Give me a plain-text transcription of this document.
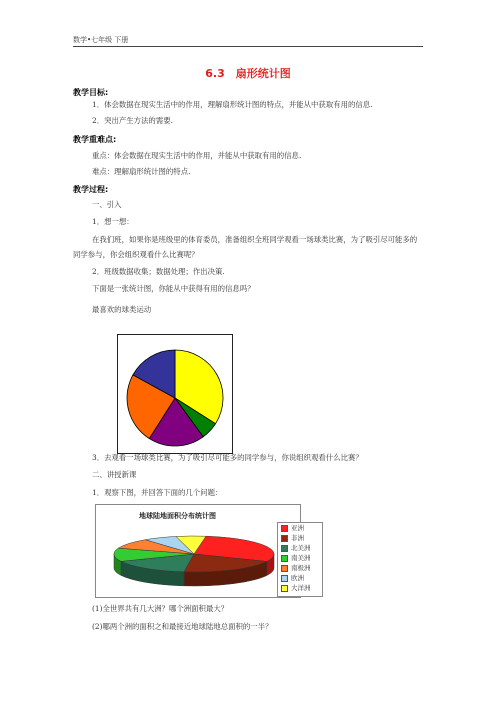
数学•七年级 下册
6.3　扇形统计图
教学目标:
1．体会数据在现实生活中的作用，理解扇形统计图的特点，并能从中获取有用的信息.
2．突出产生方法的需要.
教学重难点:
重点：体会数据在现实生活中的作用，并能从中获取有用的信息.
难点：理解扇形统计图的特点.
教学过程:
一、引入
1．想一想：
在我们班，如果你是班级里的体育委员，准备组织全班同学观看一场球类比赛，为了吸引尽可能多的同学参与，你会组织观看什么比赛呢？
2．班级数据收集；数据处理；作出决策.
下面是一张统计图，你能从中获得有用的信息吗？
最喜欢的球类运动
3．去观看一场球类比赛，为了吸引尽可能多的同学参与，你说组织观看什么比赛？
二、讲授新课
1．观察下图，并回答下面的几个问题：
地球陆地面积分布统计图
亚洲
非洲
北美洲
南美洲
南极洲
欧洲
大洋洲
(1)全世界共有几大洲？哪个洲面积最大？
(2)哪两个洲的面积之和最接近地球陆地总面积的一半？
